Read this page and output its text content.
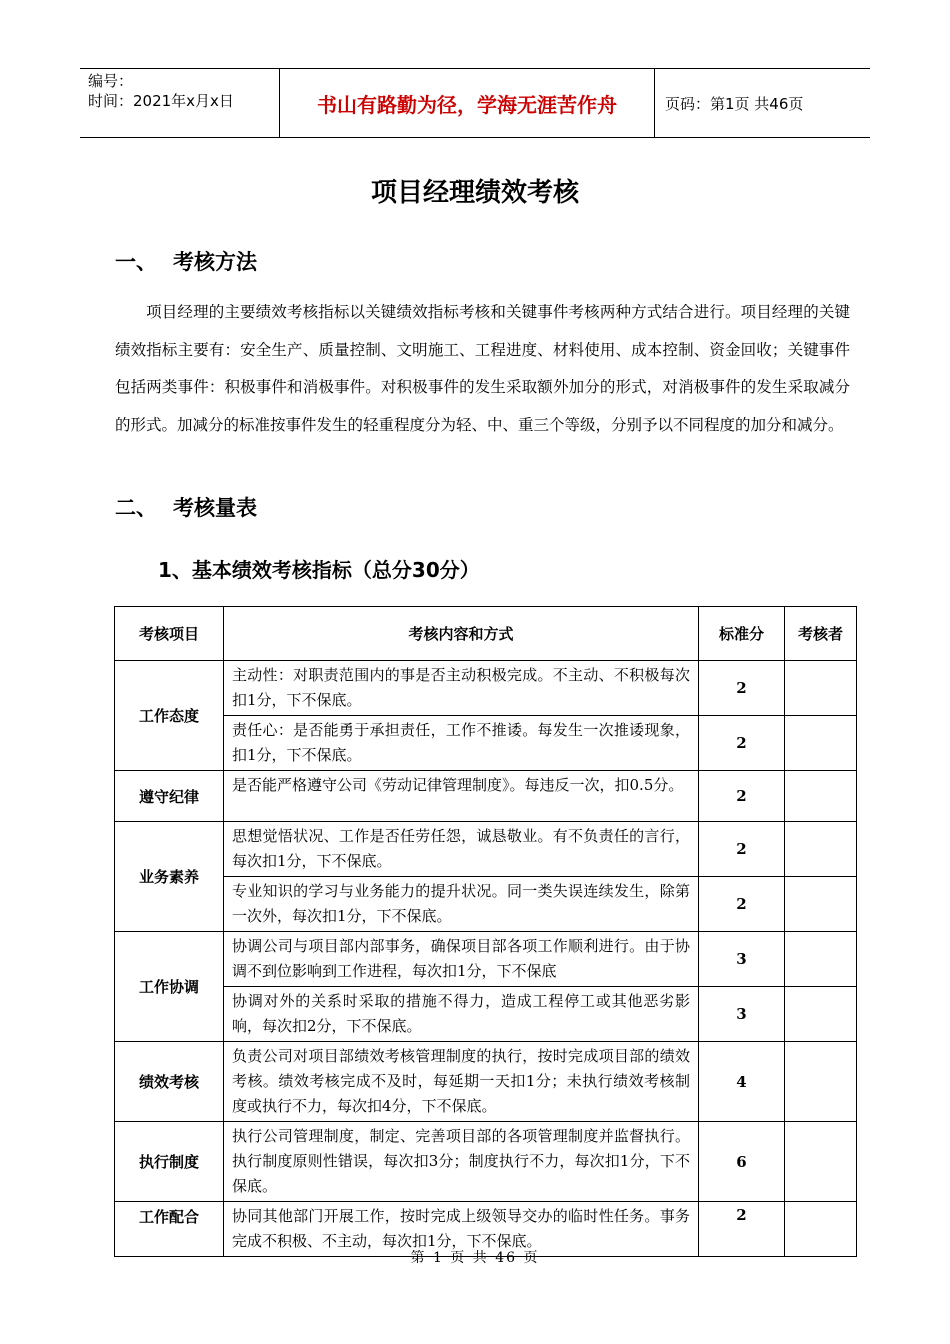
编号：
时间：2021年x月x日	书山有路勤为径，学海无涯苦作舟	页码：第1页 共46页
项目经理绩效考核
一、 考核方法
项目经理的主要绩效考核指标以关键绩效指标考核和关键事件考核两种方式结合进行。项目经理的关键绩效指标主要有：安全生产、质量控制、文明施工、工程进度、材料使用、成本控制、资金回收；关键事件包括两类事件：积极事件和消极事件。对积极事件的发生采取额外加分的形式，对消极事件的发生采取减分的形式。加减分的标准按事件发生的轻重程度分为轻、中、重三个等级，分别予以不同程度的加分和减分。
二、 考核量表
1、基本绩效考核指标（总分30分）
考核项目	考核内容和方式	标准分	考核者
工作态度	主动性：对职责范围内的事是否主动积极完成。不主动、不积极每次扣1分，下不保底。	2	
	责任心：是否能勇于承担责任，工作不推诿。每发生一次推诿现象，扣1分，下不保底。	2	
遵守纪律	是否能严格遵守公司《劳动记律管理制度》。每违反一次，扣0.5分。	2	
业务素养	思想觉悟状况、工作是否任劳任怨，诚恳敬业。有不负责任的言行，每次扣1分，下不保底。	2	
	专业知识的学习与业务能力的提升状况。同一类失误连续发生，除第一次外，每次扣1分，下不保底。	2	
工作协调	协调公司与项目部内部事务，确保项目部各项工作顺利进行。由于协调不到位影响到工作进程，每次扣1分，下不保底	3	
	协调对外的关系时采取的措施不得力，造成工程停工或其他恶劣影响，每次扣2分，下不保底。	3	
绩效考核	负责公司对项目部绩效考核管理制度的执行，按时完成项目部的绩效考核。绩效考核完成不及时，每延期一天扣1分；未执行绩效考核制度或执行不力，每次扣4分，下不保底。	4	
执行制度	执行公司管理制度，制定、完善项目部的各项管理制度并监督执行。执行制度原则性错误，每次扣3分；制度执行不力，每次扣1分，下不保底。	6	
工作配合	协同其他部门开展工作，按时完成上级领导交办的临时性任务。事务完成不积极、不主动，每次扣1分，下不保底。	2	
第 1 页 共 46 页
